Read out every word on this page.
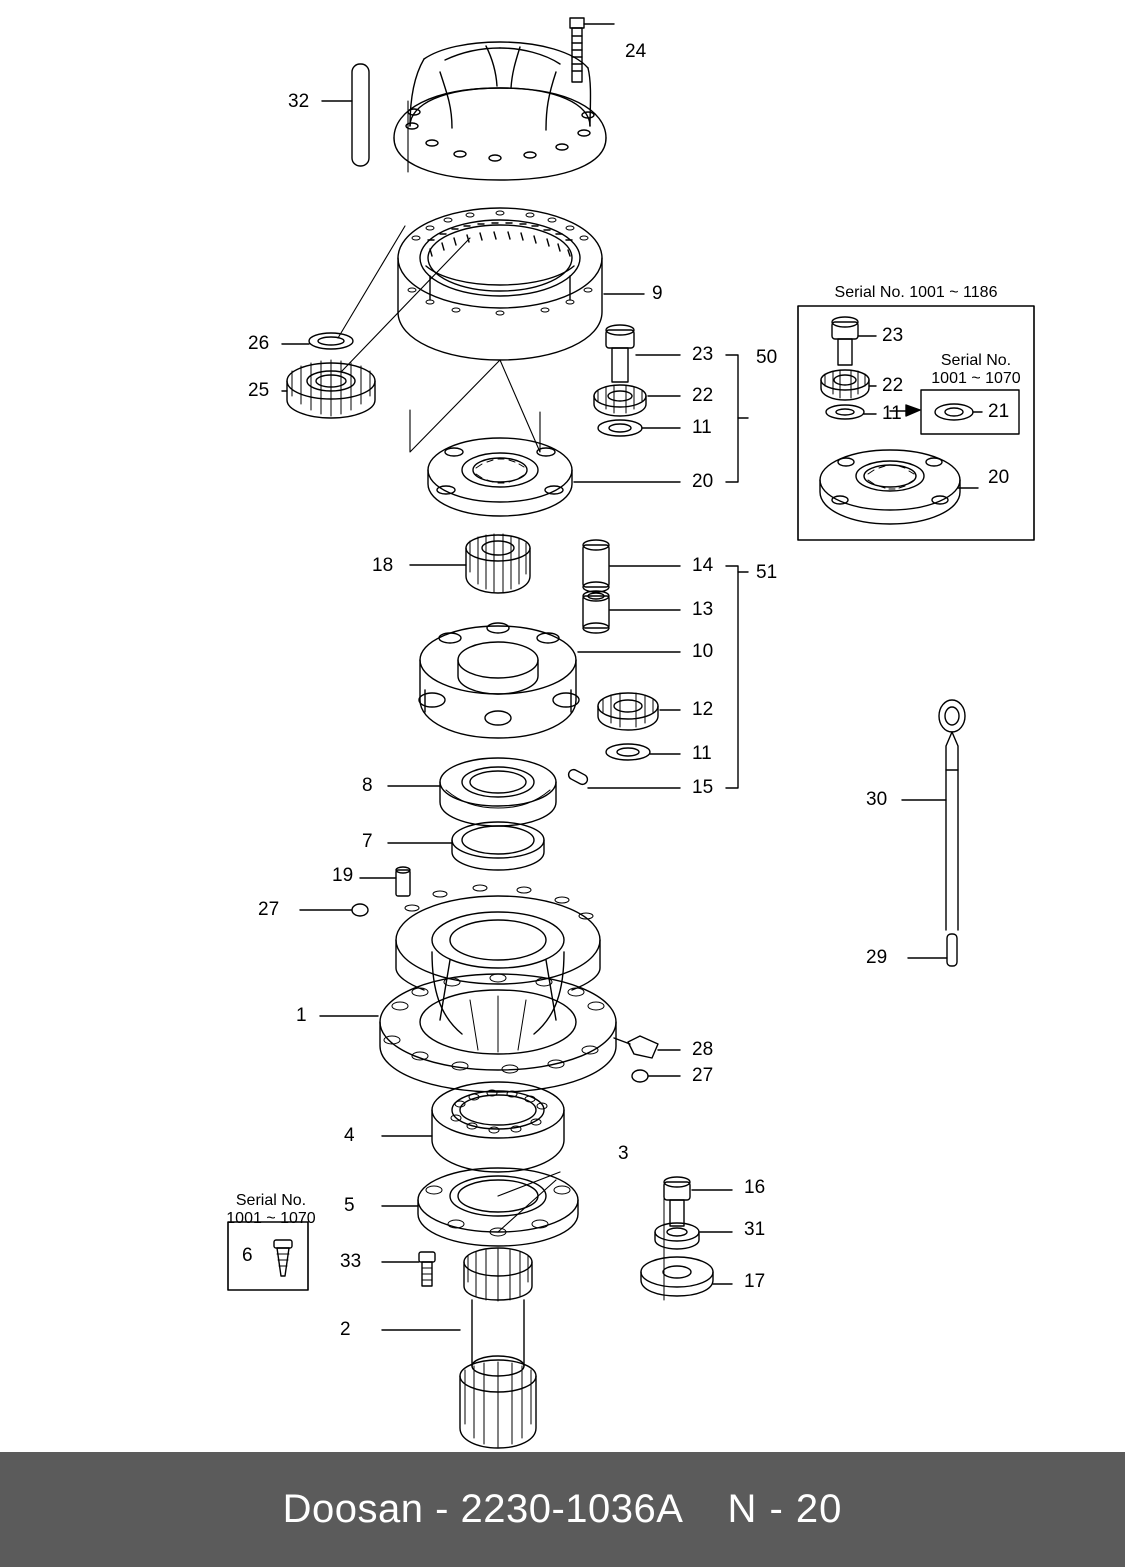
24
32
9
26
25
23 50
22
11
20
18	14 51
13
10
12
11
15
8
7
19
27
1
28
27
4
3
5
16
31
17
33
2
6
30
29
23
22
11	21
20
Serial No. 1001 ~ 1186
Serial No.
1001 ~ 1070
Serial No.
1001 ~ 1070
Doosan - 2230-1036A N - 20
